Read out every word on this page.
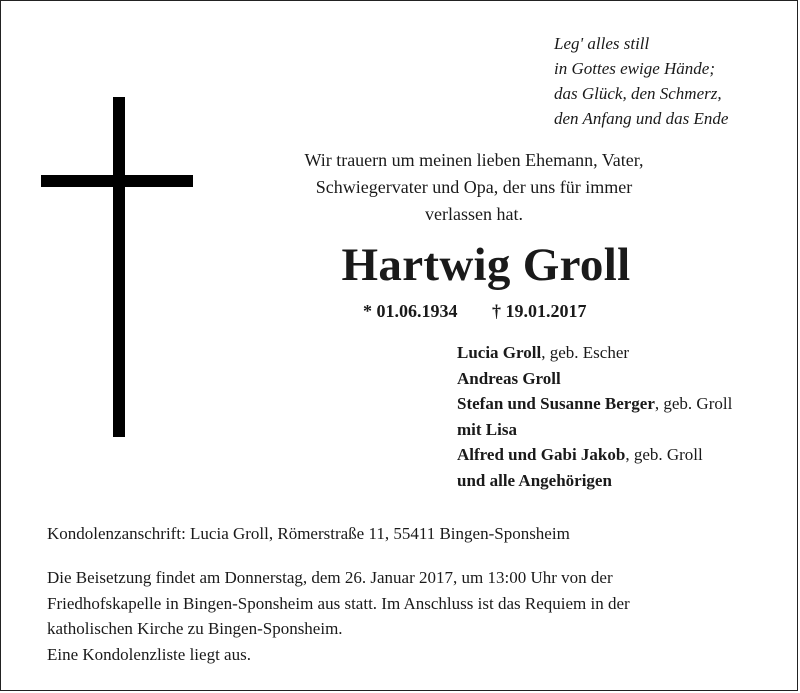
Leg' alles still
in Gottes ewige Hände;
das Glück, den Schmerz,
den Anfang und das Ende
Wir trauern um meinen lieben Ehemann, Vater,
Schwiegervater und Opa, der uns für immer
verlassen hat.
Hartwig Groll
* 01.06.1934 † 19.01.2017
Lucia Groll, geb. Escher
Andreas Groll
Stefan und Susanne Berger, geb. Groll
mit Lisa
Alfred und Gabi Jakob, geb. Groll
und alle Angehörigen
Kondolenzanschrift: Lucia Groll, Römerstraße 11, 55411 Bingen-Sponsheim
Die Beisetzung findet am Donnerstag, dem 26. Januar 2017, um 13:00 Uhr von der
Friedhofskapelle in Bingen-Sponsheim aus statt. Im Anschluss ist das Requiem in der
katholischen Kirche zu Bingen-Sponsheim.
Eine Kondolenzliste liegt aus.
